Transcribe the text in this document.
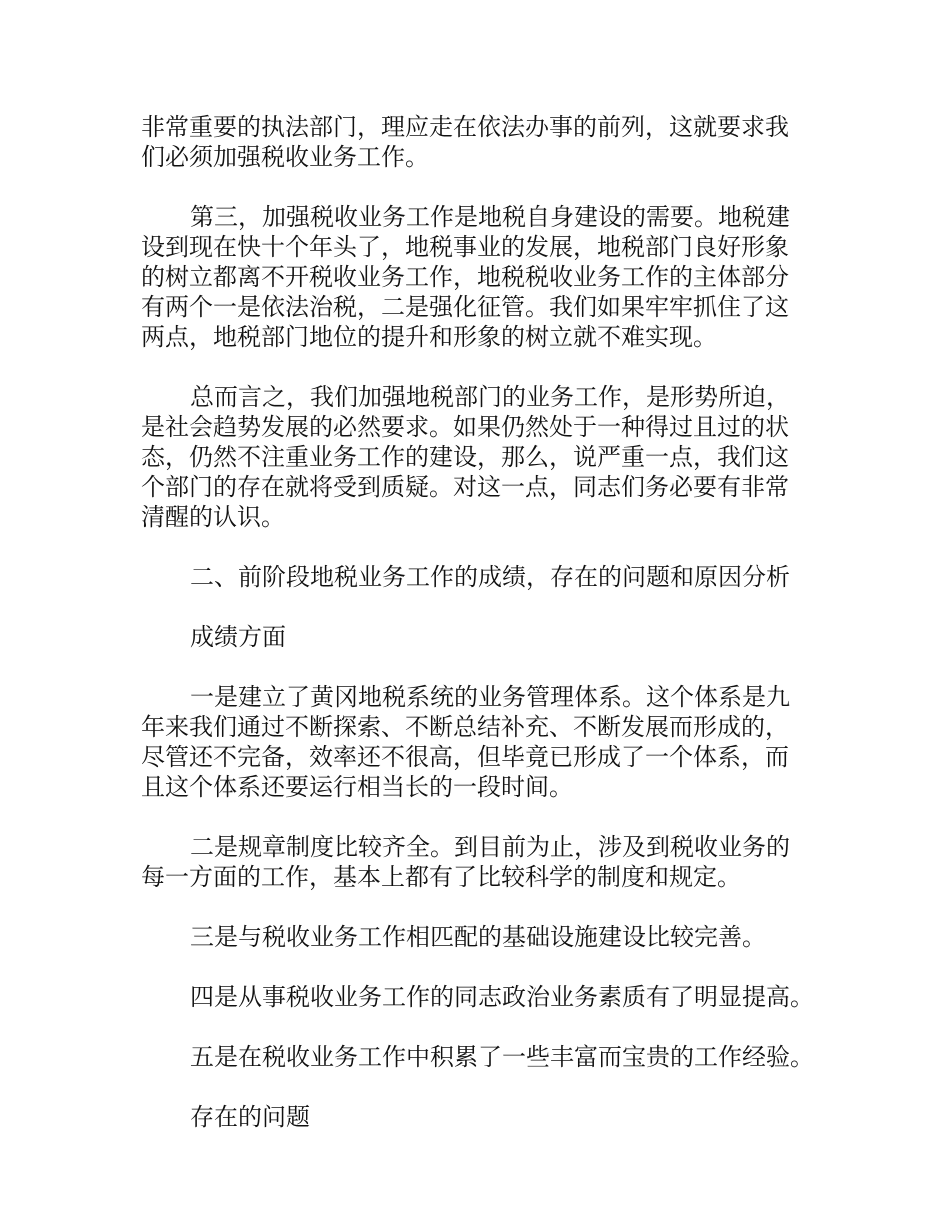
非常重要的执法部门，理应走在依法办事的前列，这就要求我
们必须加强税收业务工作。

第三，加强税收业务工作是地税自身建设的需要。地税建
设到现在快十个年头了，地税事业的发展，地税部门良好形象
的树立都离不开税收业务工作，地税税收业务工作的主体部分
有两个一是依法治税，二是强化征管。我们如果牢牢抓住了这
两点，地税部门地位的提升和形象的树立就不难实现。

总而言之，我们加强地税部门的业务工作，是形势所迫，
是社会趋势发展的必然要求。如果仍然处于一种得过且过的状
态，仍然不注重业务工作的建设，那么，说严重一点，我们这
个部门的存在就将受到质疑。对这一点，同志们务必要有非常
清醒的认识。

二、前阶段地税业务工作的成绩，存在的问题和原因分析

成绩方面

一是建立了黄冈地税系统的业务管理体系。这个体系是九
年来我们通过不断探索、不断总结补充、不断发展而形成的，
尽管还不完备，效率还不很高，但毕竟已形成了一个体系，而
且这个体系还要运行相当长的一段时间。

二是规章制度比较齐全。到目前为止，涉及到税收业务的
每一方面的工作，基本上都有了比较科学的制度和规定。

三是与税收业务工作相匹配的基础设施建设比较完善。

四是从事税收业务工作的同志政治业务素质有了明显提高。

五是在税收业务工作中积累了一些丰富而宝贵的工作经验。

存在的问题
